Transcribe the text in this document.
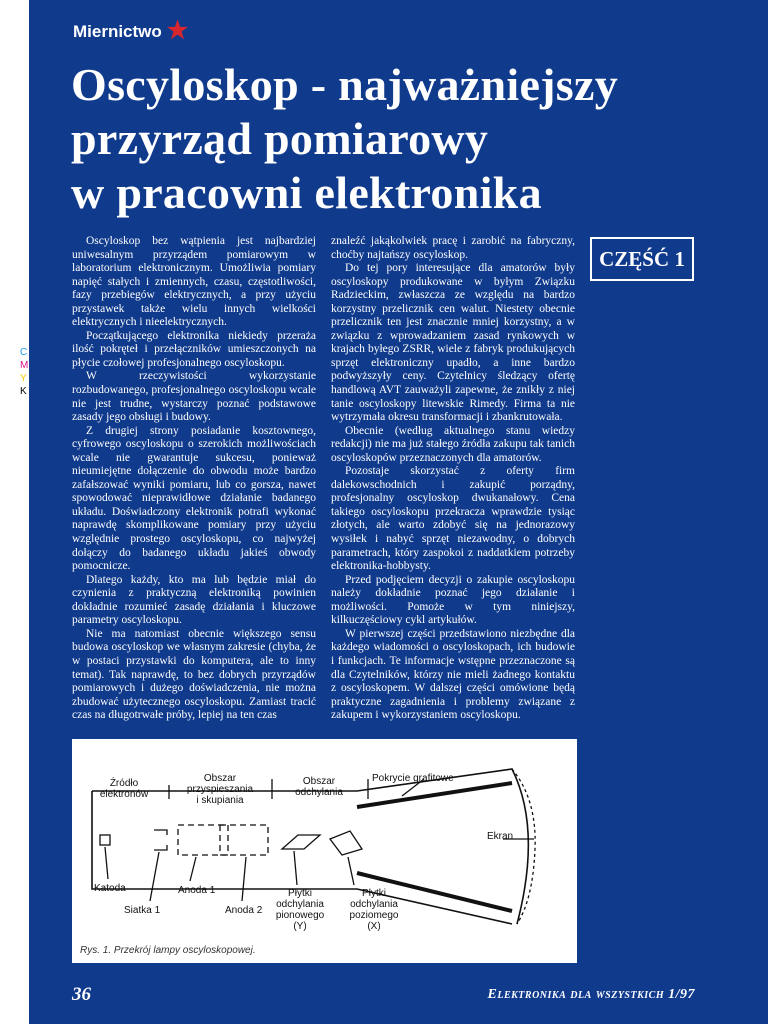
C
M
Y
K
Miernictwo ★
Oscyloskop - najważniejszy
przyrząd pomiarowy
w pracowni elektronika
CZĘŚĆ 1

Oscyloskop bez wątpienia jest najbardziej uniwesalnym przyrządem pomiarowym w laboratorium elektronicznym. Umożliwia pomiary napięć stałych i zmiennych, czasu, częstotliwości, fazy przebiegów elektrycznych, a przy użyciu przystawek także wielu innych wielkości elektrycznych i nieelektrycznych.

Początkującego elektronika niekiedy przeraża ilość pokręteł i przełączników umieszczonych na płycie czołowej profesjonalnego oscyloskopu.

W rzeczywistości wykorzystanie rozbudowanego, profesjonalnego oscyloskopu wcale nie jest trudne, wystarczy poznać podstawowe zasady jego obsługi i budowy.

Z drugiej strony posiadanie kosztownego, cyfrowego oscyloskopu o szerokich możliwościach wcale nie gwarantuje sukcesu, ponieważ nieumiejętne dołączenie do obwodu może bardzo zafałszować wyniki pomiaru, lub co gorsza, nawet spowodować nieprawidłowe działanie badanego układu. Doświadczony elektronik potrafi wykonać naprawdę skomplikowane pomiary przy użyciu względnie prostego oscyloskopu, co najwyżej dołączy do badanego układu jakieś obwody pomocnicze.

Dlatego każdy, kto ma lub będzie miał do czynienia z praktyczną elektroniką powinien dokładnie rozumieć zasadę działania i kluczowe parametry oscyloskopu.

Nie ma natomiast obecnie większego sensu budowa oscyloskop we własnym zakresie (chyba, że w postaci przystawki do komputera, ale to inny temat). Tak naprawdę, to bez dobrych przyrządów pomiarowych i dużego doświadczenia, nie można zbudować użytecznego oscyloskopu. Zamiast tracić czas na długotrwałe próby, lepiej na ten czas

znaleźć jakąkolwiek pracę i zarobić na fabryczny, choćby najtańszy oscyloskop.

Do tej pory interesujące dla amatorów były oscyloskopy produkowane w byłym Związku Radzieckim, zwłaszcza ze względu na bardzo korzystny przelicznik cen walut. Niestety obecnie przelicznik ten jest znacznie mniej korzystny, a w związku z wprowadzaniem zasad rynkowych w krajach byłego ZSRR, wiele z fabryk produkujących sprzęt elektroniczny upadło, a inne bardzo podwyższyły ceny. Czytelnicy śledzący ofertę handlową AVT zauważyli zapewne, że znikły z niej tanie oscyloskopy litewskie Rimedy. Firma ta nie wytrzymała okresu transformacji i zbankrutowała.

Obecnie (według aktualnego stanu wiedzy redakcji) nie ma już stałego źródła zakupu tak tanich oscyloskopów przeznaczonych dla amatorów.

Pozostaje skorzystać z oferty firm dalekowschodnich i zakupić porządny, profesjonalny oscyloskop dwukanałowy. Cena takiego oscyloskopu przekracza wprawdzie tysiąc złotych, ale warto zdobyć się na jednorazowy wysiłek i nabyć sprzęt niezawodny, o dobrych parametrach, który zaspokoi z naddatkiem potrzeby elektronika-hobbysty.

Przed podjęciem decyzji o zakupie oscyloskopu należy dokładnie poznać jego działanie i możliwości. Pomoże w tym niniejszy, kilkuczęściowy cykl artykułów.

W pierwszej części przedstawiono niezbędne dla każdego wiadomości o oscyloskopach, ich budowie i funkcjach. Te informacje wstępne przeznaczone są dla Czytelników, którzy nie mieli żadnego kontaktu z oscyloskopem. W dalszej części omówione będą praktyczne zagadnienia i problemy związane z zakupem i wykorzystaniem oscyloskopu.

Źródło
elektronów
Obszar
przyspieszania
i skupiania
Obszar
odchylania
Pokrycie grafitowe
Ekran
Katoda
Siatka 1
Anoda 1
Anoda 2
Płytki
odchylania
pionowego
(Y)
Płytki
odchylania
poziomego
(X)
Rys. 1. Przekrój lampy oscyloskopowej.
36	Elektronika dla wszystkich 1/97
